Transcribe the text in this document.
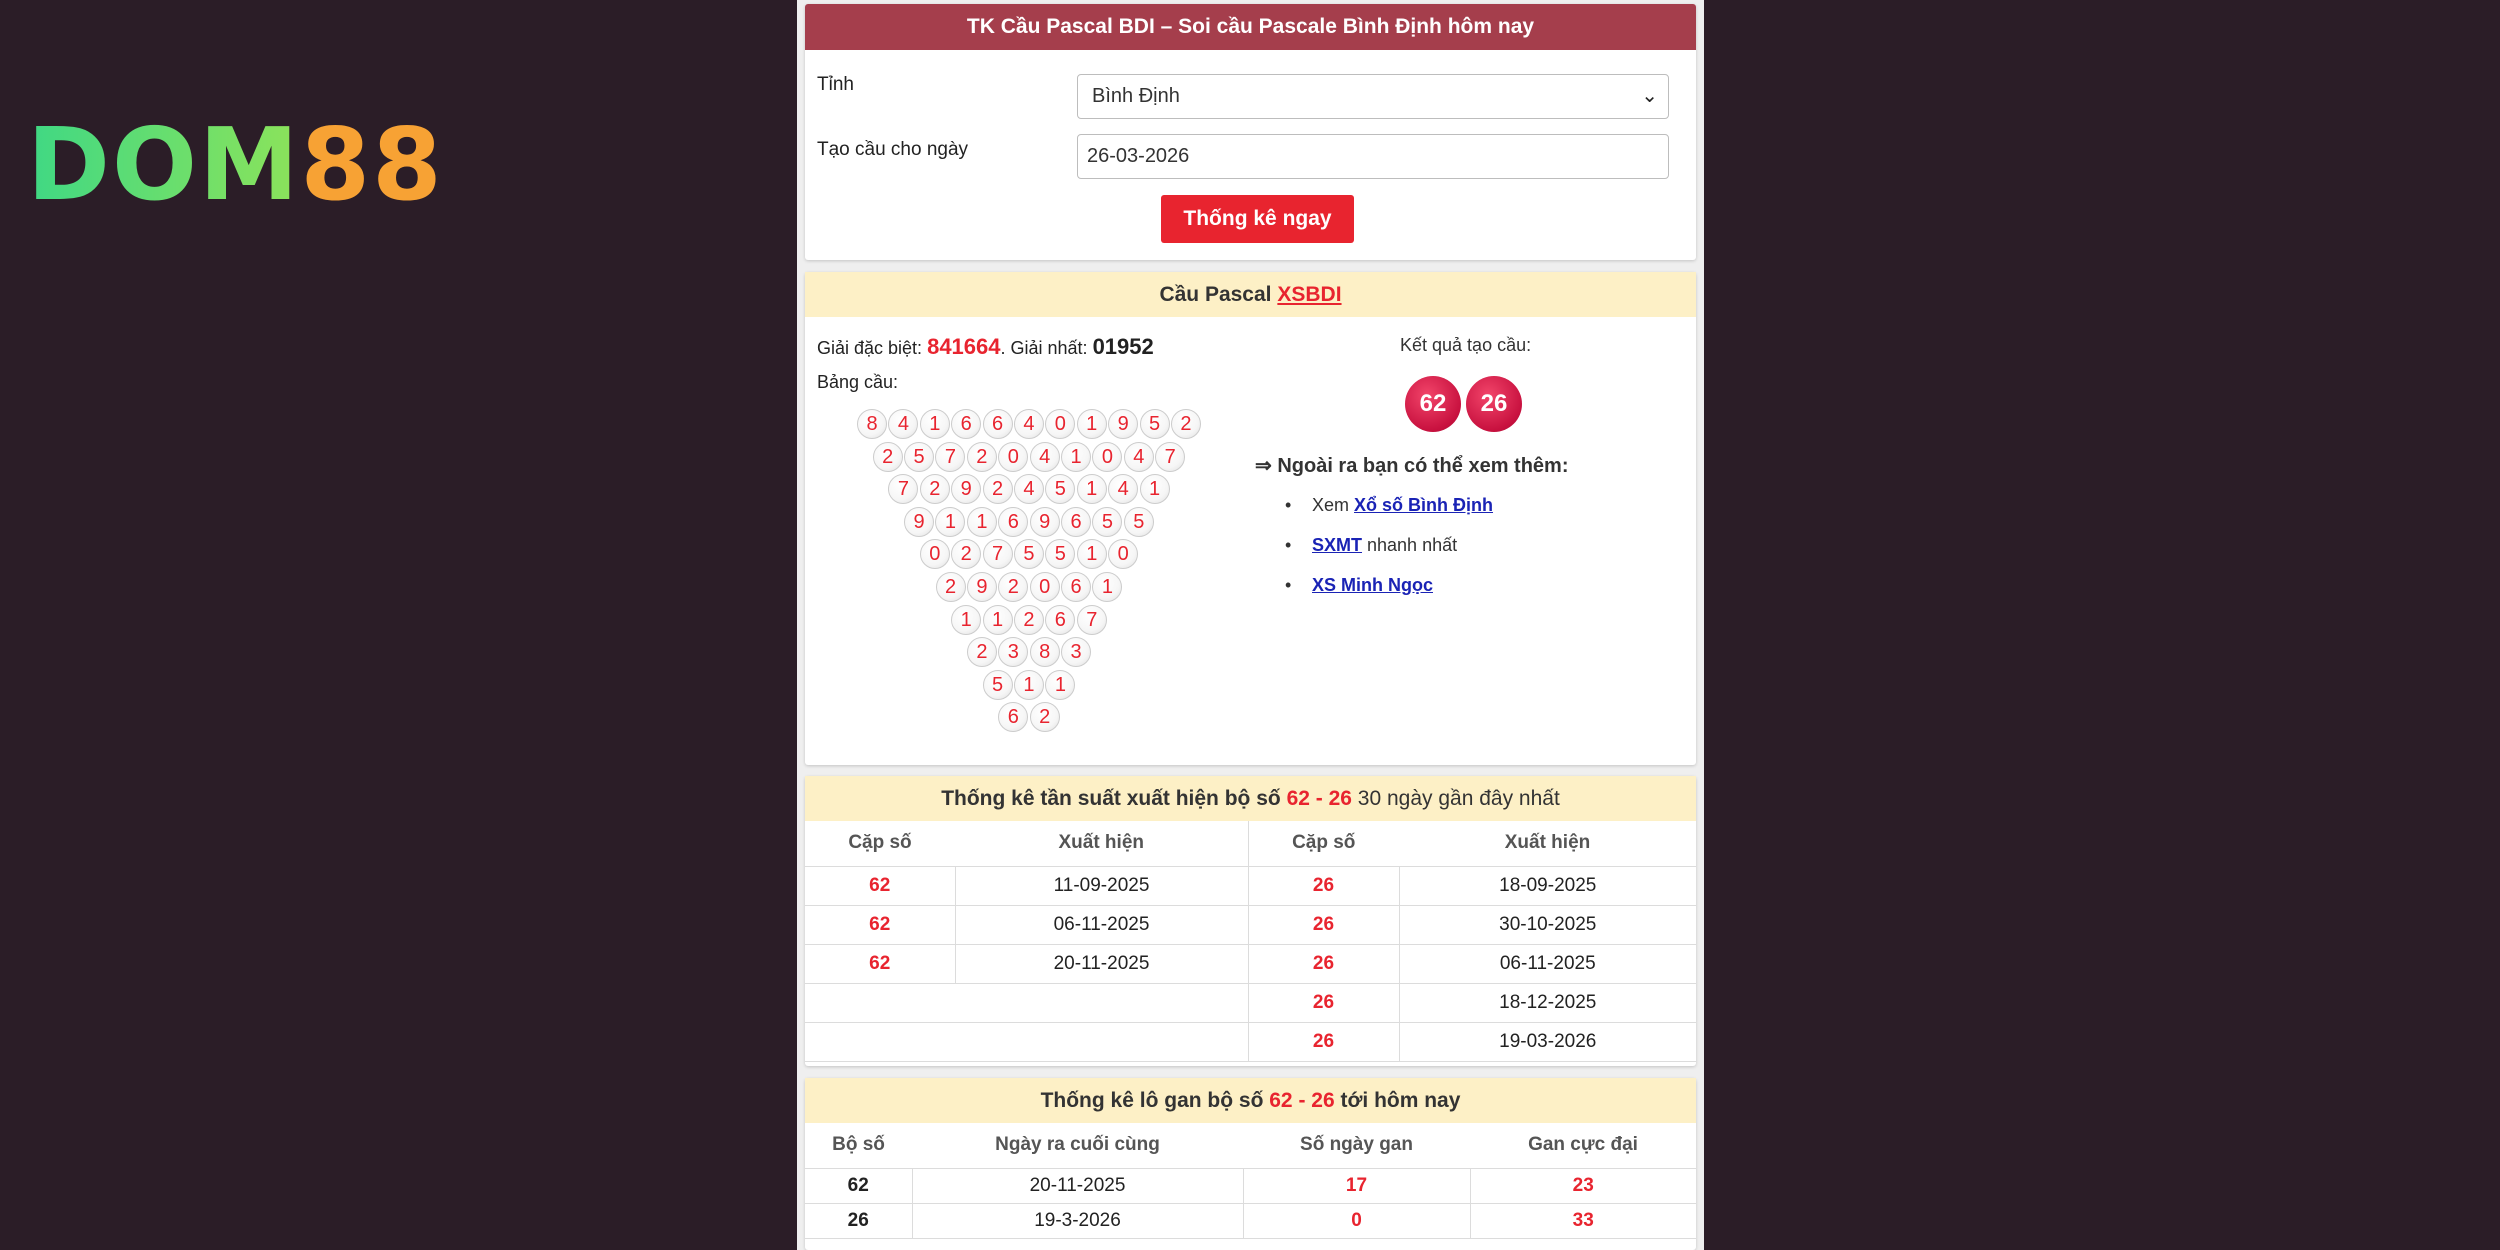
DOM88
TK Cầu Pascal BDI – Soi cầu Pascale Bình Định hôm nay
Tỉnh
Bình Định	⌄
Tạo cầu cho ngày	26-03-2026
Thống kê ngay
Cầu Pascal XSBDI
Giải đặc biệt: 841664. Giải nhất: 01952
Bảng cầu:
8	4	1	6	6	4	0	1	9	5	2
2	5	7	2	0	4	1	0	4	7
7	2	9	2	4	5	1	4	1
9	1	1	6	9	6	5	5
0	2	7	5	5	1	0
2	9	2	0	6	1
1	1	2	6	7
2	3	8	3
5	1	1
6	2
Kết quả tạo cầu:
62	26
⇒ Ngoài ra bạn có thể xem thêm:
• Xem Xổ số Bình Định
• SXMT nhanh nhất
• XS Minh Ngọc
Thống kê tần suất xuất hiện bộ số 62 - 26 30 ngày gần đây nhất
Cặp số	Xuất hiện	Cặp số	Xuất hiện
62	11-09-2025	26	18-09-2025
62	06-11-2025	26	30-10-2025
62	20-11-2025	26	06-11-2025
		26	18-12-2025
		26	19-03-2026
Thống kê lô gan bộ số 62 - 26 tới hôm nay
Bộ số	Ngày ra cuối cùng	Số ngày gan	Gan cực đại
62	20-11-2025	17	23
26	19-3-2026	0	33
